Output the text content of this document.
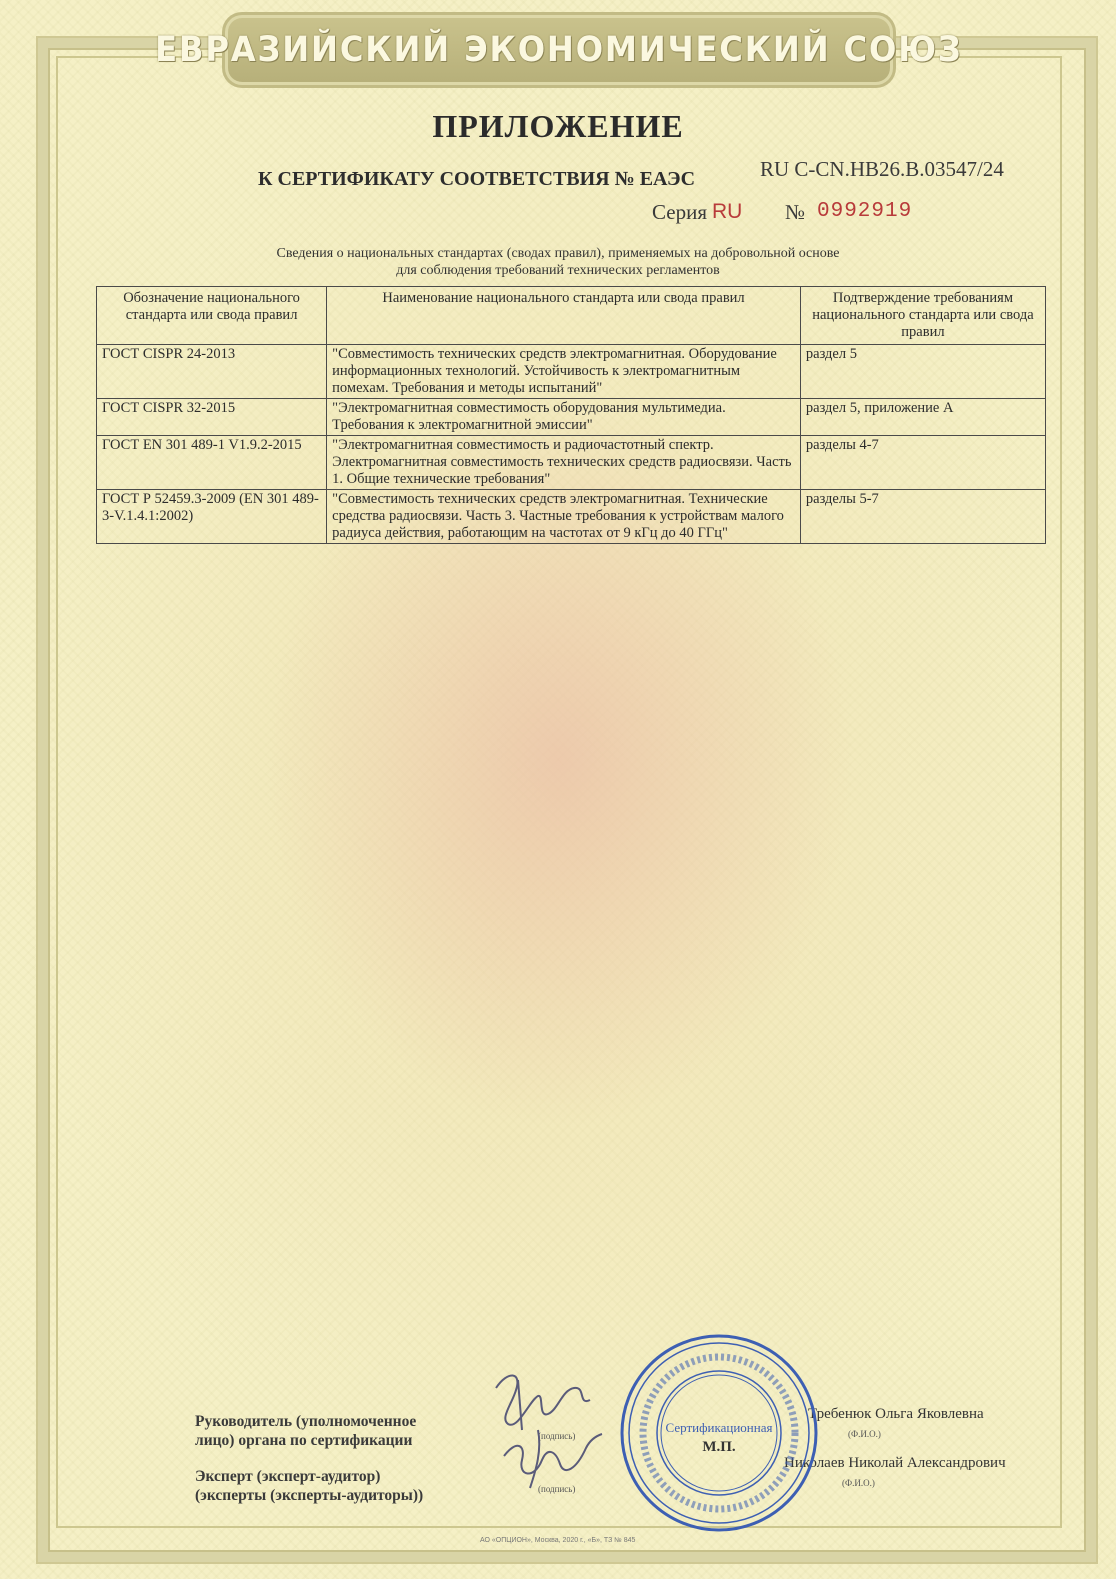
ЕВРАЗИЙСКИЙ ЭКОНОМИЧЕСКИЙ СОЮЗ
ПРИЛОЖЕНИЕ
К СЕРТИФИКАТУ СООТВЕТСТВИЯ № ЕАЭС	RU C-CN.HB26.B.03547/24
Серия RU № 0992919
Сведения о национальных стандартах (сводах правил), применяемых на добровольной основе
для соблюдения требований технических регламентов
Обозначение национального стандарта или свода правил	Наименование национального стандарта или свода правил	Подтверждение требованиям национального стандарта или свода правил
ГОСТ CISPR 24-2013	"Совместимость технических средств электромагнитная. Оборудование информационных технологий. Устойчивость к электромагнитным помехам. Требования и методы испытаний"	раздел 5
ГОСТ CISPR 32-2015	"Электромагнитная совместимость оборудования мультимедиа. Требования к электромагнитной эмиссии"	раздел 5, приложение А
ГОСТ EN 301 489-1 V1.9.2-2015	"Электромагнитная совместимость и радиочастотный спектр. Электромагнитная совместимость технических средств радиосвязи. Часть 1. Общие технические требования"	разделы 4-7
ГОСТ Р 52459.3-2009 (EN 301 489-3-V.1.4.1:2002)	"Совместимость технических средств электромагнитная. Технические средства радиосвязи. Часть 3. Частные требования к устройствам малого радиуса действия, работающим на частотах от 9 кГц до 40 ГГц"	разделы 5-7
Руководитель (уполномоченное
лицо) органа по сертификации
Эксперт (эксперт-аудитор)
(эксперты (эксперты-аудиторы))
(подпись)
(подпись)
(Ф.И.О.)
(Ф.И.О.)
Требенюк Ольга Яковлевна
Николаев Николай Александрович
Сертификационная
М.П.
АО «ОПЦИОН», Москва, 2020 г., «Б», ТЗ № 845
